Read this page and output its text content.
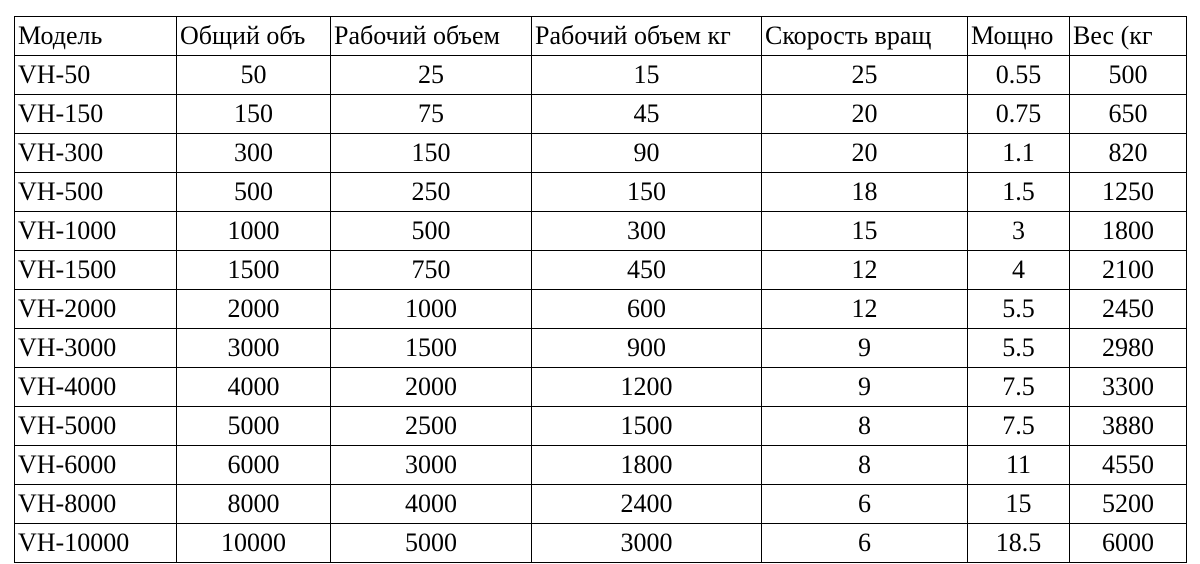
Модель	Общий объ	Рабочий объем	Рабочий объем кг	Скорость вращ	Мощно	Вес (кг
VH-50	50	25	15	25	0.55	500
VH-150	150	75	45	20	0.75	650
VH-300	300	150	90	20	1.1	820
VH-500	500	250	150	18	1.5	1250
VH-1000	1000	500	300	15	3	1800
VH-1500	1500	750	450	12	4	2100
VH-2000	2000	1000	600	12	5.5	2450
VH-3000	3000	1500	900	9	5.5	2980
VH-4000	4000	2000	1200	9	7.5	3300
VH-5000	5000	2500	1500	8	7.5	3880
VH-6000	6000	3000	1800	8	11	4550
VH-8000	8000	4000	2400	6	15	5200
VH-10000	10000	5000	3000	6	18.5	6000
